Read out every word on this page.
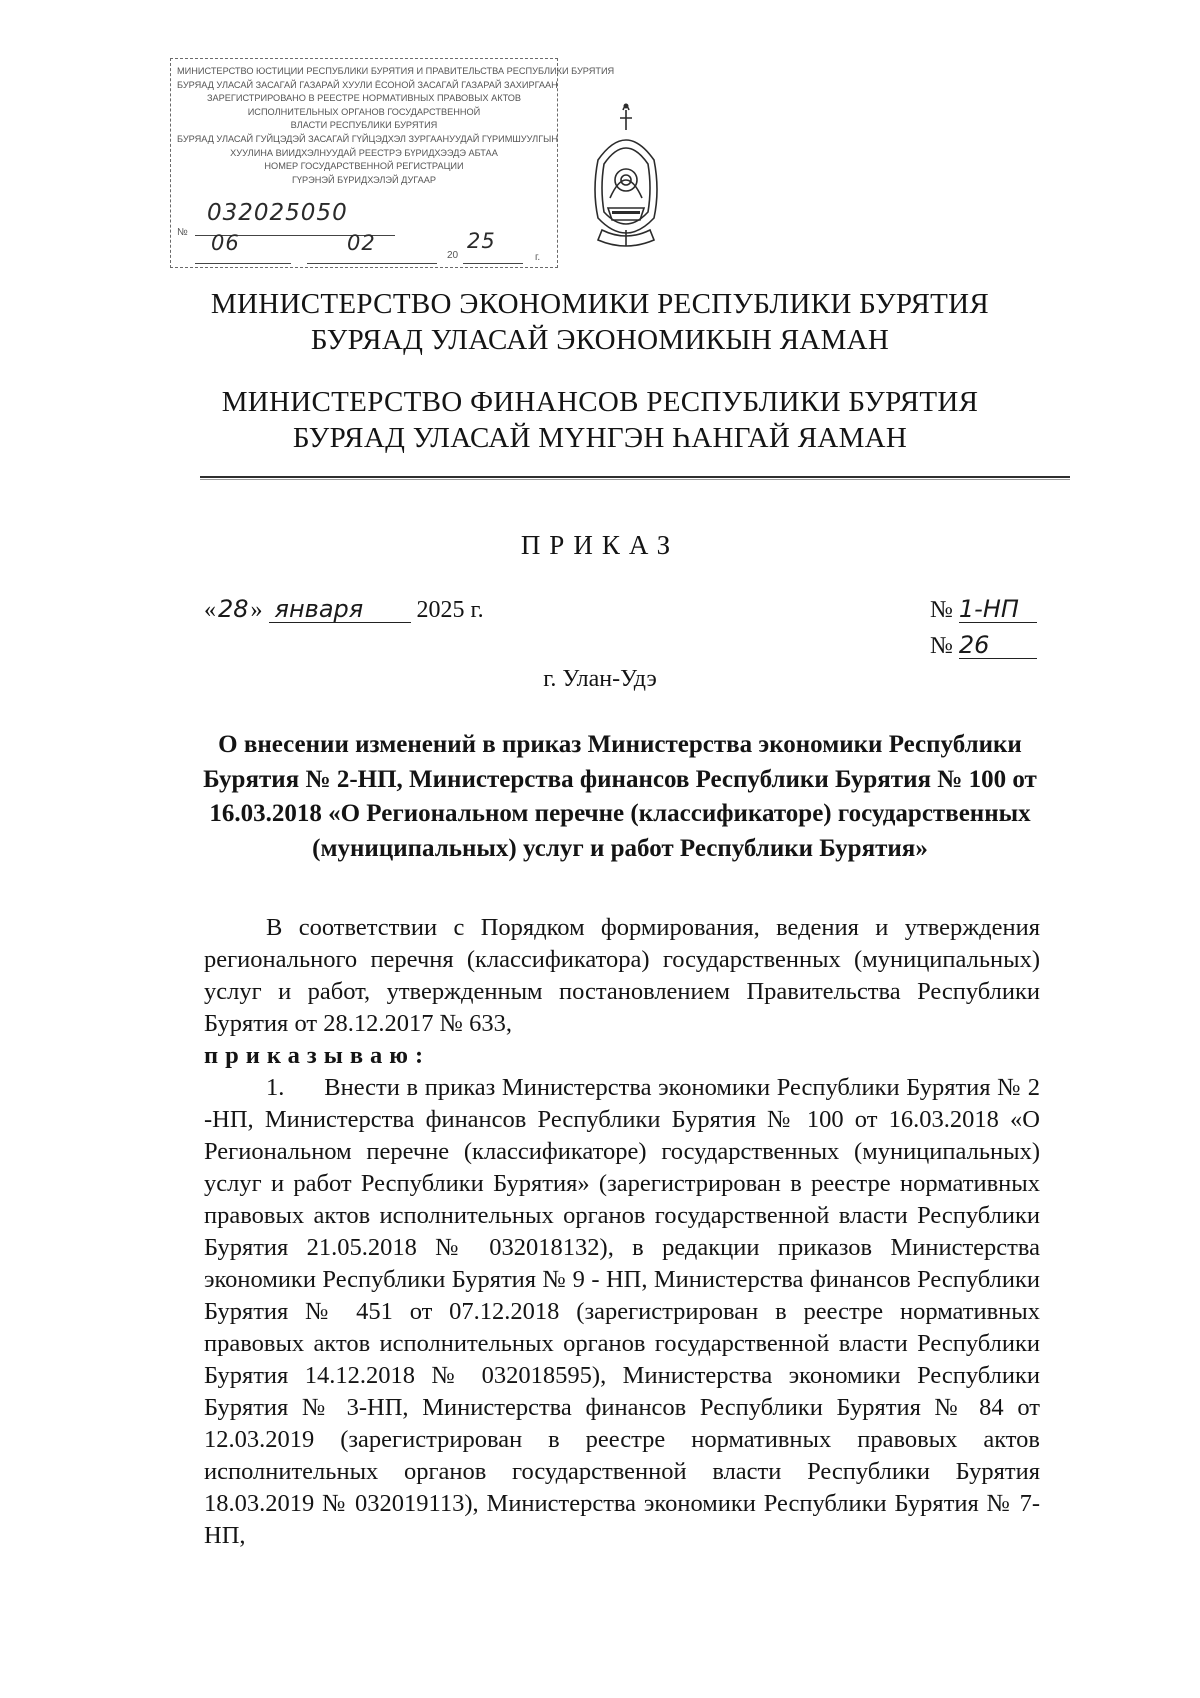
МИНИСТЕРСТВО ЮСТИЦИИ РЕСПУБЛИКИ БУРЯТИЯ И ПРАВИТЕЛЬСТВА РЕСПУБЛИКИ БУРЯТИЯ
БУРЯАД УЛАСАЙ ЗАСАГАЙ ГАЗАРАЙ ХУУЛИ ЁСОНОЙ ЗАСАГАЙ ГАЗАРАЙ ЗАХИРГААН
ЗАРЕГИСТРИРОВАНО В РЕЕСТРЕ НОРМАТИВНЫХ ПРАВОВЫХ АКТОВ
ИСПОЛНИТЕЛЬНЫХ ОРГАНОВ ГОСУДАРСТВЕННОЙ
ВЛАСТИ РЕСПУБЛИКИ БУРЯТИЯ
БУРЯАД УЛАСАЙ ГУЙЦЭДЭЙ ЗАСАГАЙ ГҮЙЦЭДХЭЛ ЗУРГААНУУДАЙ ГҮРИМШУУЛГЫН
ХУУЛИНА ВИИДХЭЛНУУДАЙ РЕЕСТРЭ БҮРИДХЭЭДЭ АБТАА
НОМЕР ГОСУДАРСТВЕННОЙ РЕГИСТРАЦИИ
ГҮРЭНЭЙ БҮРИДХЭЛЭЙ ДУГААР
№
032025050
06	02
20
25
г.
МИНИСТЕРСТВО ЭКОНОМИКИ РЕСПУБЛИКИ БУРЯТИЯ
БУРЯАД УЛАСАЙ ЭКОНОМИКЫН ЯАМАН
МИНИСТЕРСТВО ФИНАНСОВ РЕСПУБЛИКИ БУРЯТИЯ
БУРЯАД УЛАСАЙ МҮНГЭН ҺАНГАЙ ЯАМАН
ПРИКАЗ
«28» января 2025 г.	№ 1-НП
№ 26
г. Улан-Удэ
О внесении изменений в приказ Министерства экономики Республики Бурятия № 2-НП, Министерства финансов Республики Бурятия № 100 от 16.03.2018 «О Региональном перечне (классификаторе) государственных (муниципальных) услуг и работ Республики Бурятия»

В соответствии с Порядком формирования, ведения и утверждения регионального перечня (классификатора) государственных (муниципальных) услуг и работ, утвержденным постановлением Правительства Республики Бурятия от 28.12.2017 № 633,

приказываю:

1.      Внести в приказ Министерства экономики Республики Бурятия № 2 -НП, Министерства финансов Республики Бурятия № 100 от 16.03.2018 «О Региональном перечне (классификаторе) государственных (муниципальных) услуг и работ Республики Бурятия» (зарегистрирован в реестре нормативных правовых актов исполнительных органов государственной власти Республики Бурятия 21.05.2018 № 032018132), в редакции приказов Министерства экономики Республики Бурятия № 9 - НП, Министерства финансов Республики Бурятия № 451 от 07.12.2018 (зарегистрирован в реестре нормативных правовых актов исполнительных органов государственной власти Республики Бурятия 14.12.2018 № 032018595), Министерства экономики Республики Бурятия № 3-НП, Министерства финансов Республики Бурятия № 84 от 12.03.2019 (зарегистрирован в реестре нормативных правовых актов исполнительных органов государственной власти Республики Бурятия 18.03.2019 № 032019113), Министерства экономики Республики Бурятия № 7-НП,
